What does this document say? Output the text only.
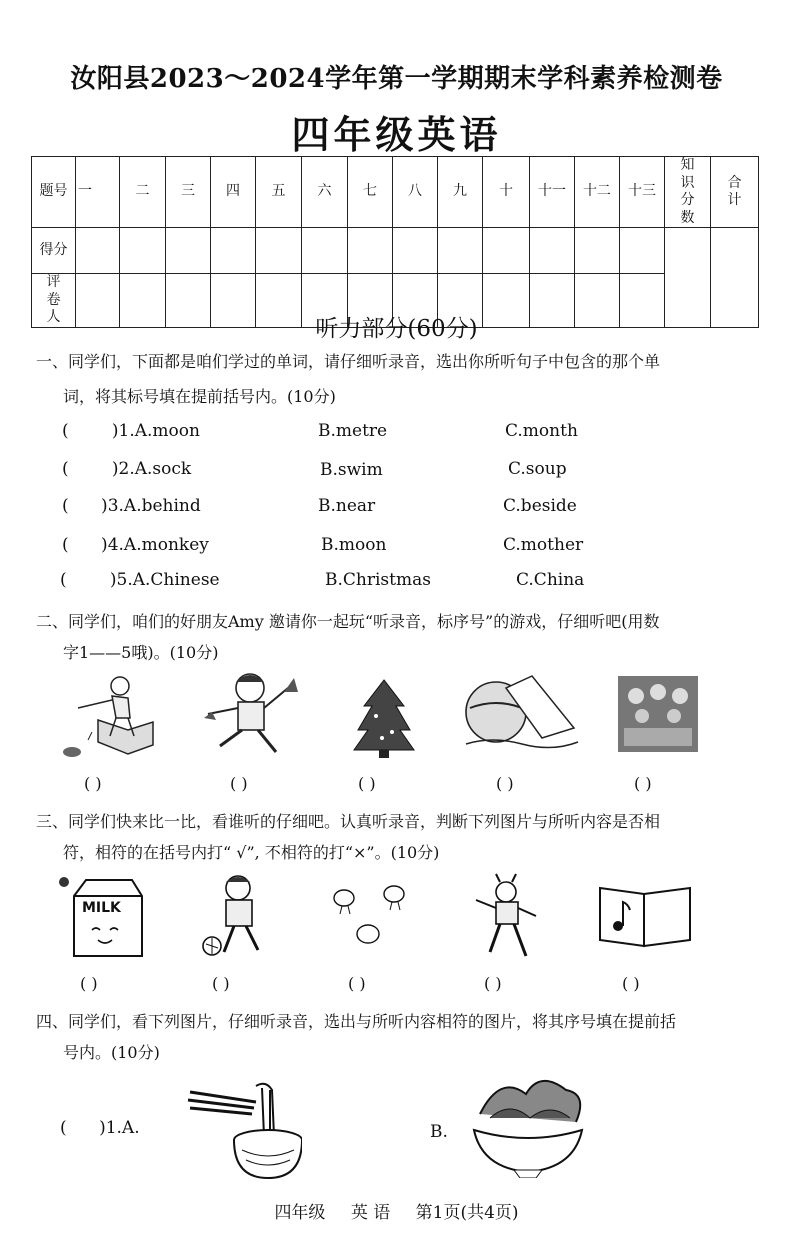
汝阳县2023～2024学年第一学期期末学科素养检测卷
四年级英语
题号	一	二	三	四	五	六	七	八	九	十	十一	十二	十三	知识分数	合计
得分															
评卷人																听力部分(60分)
一、同学们，下面都是咱们学过的单词，请仔细听录音，选出你所听句子中包含的那个单
词，将其标号填在提前括号内。(10分)
(        )1.A.moon	B.metre	C.month
(        )2.A.sock	B.swim	C.soup
(      )3.A.behind	B.near	C.beside
(      )4.A.monkey	B.moon	C.mother
(        )5.A.Chinese	B.Christmas	C.China
二、同学们，咱们的好朋友Amy 邀请你一起玩“听录音，标序号”的游戏，仔细听吧(用数
字1——5哦)。(10分)
( )	( )	( )	( )	( )
三、同学们快来比一比，看谁听的仔细吧。认真听录音，判断下列图片与所听内容是否相
符，相符的在括号内打“ √”, 不相符的打“×”。(10分)
MILK
( )	( )	( )	( )	( )
四、同学们，看下列图片，仔细听录音，选出与所听内容相符的图片，将其序号填在提前括
号内。(10分)
(      )1.A.	B.
四年级 英 语 第1页(共4页)
